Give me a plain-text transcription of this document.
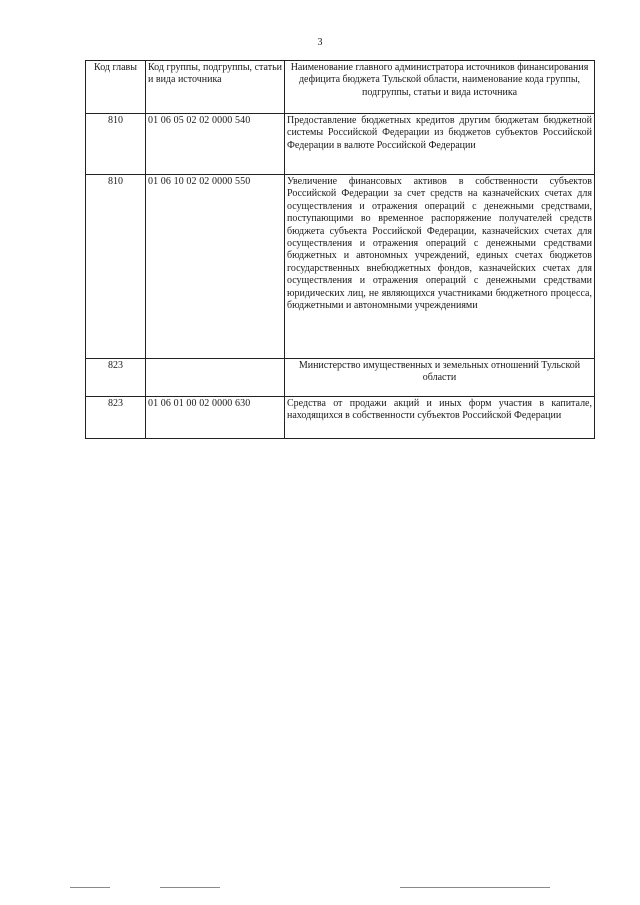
3
Код главы	Код группы, подгруппы, статьи и вида источника	Наименование главного администратора источников финансирования дефицита бюджета Тульской области, наименование кода группы, подгруппы, статьи и вида источника
810	01 06 05 02 02 0000 540	Предоставление бюджетных кредитов другим бюджетам бюджетной системы Российской Федерации из бюджетов субъектов Российской Федерации в валюте Российской Федерации
810	01 06 10 02 02 0000 550	Увеличение финансовых активов в собственности субъектов Российской Федерации за счет средств на казначейских счетах для осуществления и отражения операций с денежными средствами, поступающими во временное распоряжение получателей средств бюджета субъекта Российской Федерации, казначейских счетах для осуществления и отражения операций с денежными средствами бюджетных и автономных учреждений, единых счетах бюджетов государственных внебюджетных фондов, казначейских счетах для осуществления и отражения операций с денежными средствами юридических лиц, не являющихся участниками бюджетного процесса, бюджетными и автономными учреждениями
823		Министерство имущественных и земельных отношений Тульской области
823	01 06 01 00 02 0000 630	Средства от продажи акций и иных форм участия в капитале, находящихся в собственности субъектов Российской Федерации
